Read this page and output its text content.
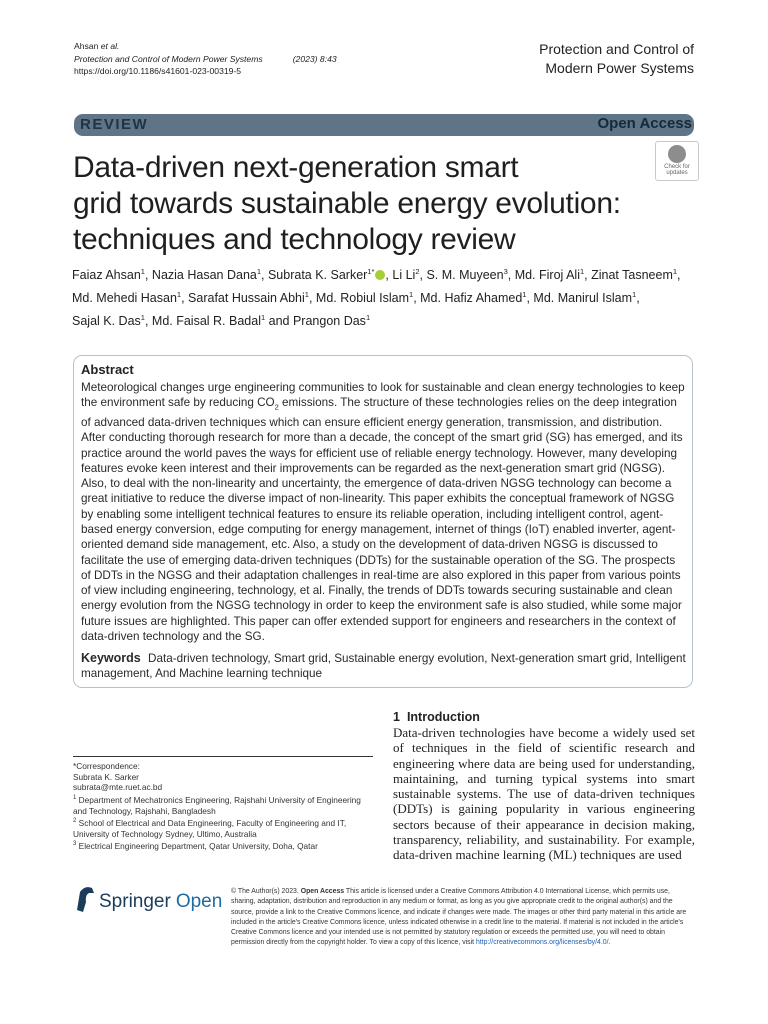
Ahsan et al.
Protection and Control of Modern Power Systems	(2023) 8:43
https://doi.org/10.1186/s41601-023-00319-5
Protection and Control of
Modern Power Systems
REVIEW	Open Access
Data-driven next-generation smart
grid towards sustainable energy evolution:
techniques and technology review
Check for
updates
Faiaz Ahsan$^1$, Nazia Hasan Dana$^1$, Subrata K. Sarker$^{1*}$ , Li Li$^2$, S. M. Muyeen$^3$, Md. Firoj Ali$^1$, Zinat Tasneem$^1$,
Md. Mehedi Hasan$^1$, Sarafat Hussain Abhi$^1$, Md. Robiul Islam$^1$, Md. Hafiz Ahamed$^1$, Md. Manirul Islam$^1$,
Sajal K. Das$^1$, Md. Faisal R. Badal$^1$ and Prangon Das$^1$
Abstract
Meteorological changes urge engineering communities to look for sustainable and clean energy technologies to keep the environment safe by reducing $CO_2$ emissions. The structure of these technologies relies on the deep integration of advanced data-driven techniques which can ensure efficient energy generation, transmission, and distribution. After conducting thorough research for more than a decade, the concept of the smart grid (SG) has emerged, and its practice around the world paves the ways for efficient use of reliable energy technology. However, many developing features evoke keen interest and their improvements can be regarded as the next-generation smart grid (NGSG). Also, to deal with the non-linearity and uncertainty, the emergence of data-driven NGSG technology can become a great initiative to reduce the diverse impact of non-linearity. This paper exhibits the conceptual framework of NGSG by enabling some intelligent technical features to ensure its reliable operation, including intelligent control, agent-based energy conversion, edge computing for energy management, internet of things (IoT) enabled inverter, agent-oriented demand side management, etc. Also, a study on the development of data-driven NGSG is discussed to facilitate the use of emerging data-driven techniques (DDTs) for the sustainable operation of the SG. The prospects of DDTs in the NGSG and their adaptation challenges in real-time are also explored in this paper from various points of view including engineering, technology, et al. Finally, the trends of DDTs towards securing sustainable and clean energy evolution from the NGSG technology in order to keep the environment safe is also studied, while some major future issues are highlighted. This paper can offer extended support for engineers and researchers in the context of data-driven technology and the SG.
Keywords Data-driven technology, Smart grid, Sustainable energy evolution, Next-generation smart grid, Intelligent management, And Machine learning technique
1 Introduction
Data-driven technologies have become a widely used set of techniques in the field of scientific research and engineering where data are being used for understanding, maintaining, and turning typical systems into smart sustainable systems. The use of data-driven techniques (DDTs) is gaining popularity in various engineering sectors because of their appearance in decision making, transparency, reliability, and sustainability. For example, data-driven machine learning (ML) techniques are used
*Correspondence:
Subrata K. Sarker
subrata@mte.ruet.ac.bd
$^1$ Department of Mechatronics Engineering, Rajshahi University of Engineering and Technology, Rajshahi, Bangladesh
$^2$ School of Electrical and Data Engineering, Faculty of Engineering and IT, University of Technology Sydney, Ultimo, Australia
$^3$ Electrical Engineering Department, Qatar University, Doha, Qatar
Springer Open © The Author(s) 2023. Open Access This article is licensed under a Creative Commons Attribution 4.0 International License, which permits use, sharing, adaptation, distribution and reproduction in any medium or format, as long as you give appropriate credit to the original author(s) and the source, provide a link to the Creative Commons licence, and indicate if changes were made. The images or other third party material in this article are included in the article's Creative Commons licence, unless indicated otherwise in a credit line to the material. If material is not included in the article's Creative Commons licence and your intended use is not permitted by statutory regulation or exceeds the permitted use, you will need to obtain permission directly from the copyright holder. To view a copy of this licence, visit http://creativecommons.org/licenses/by/4.0/.
